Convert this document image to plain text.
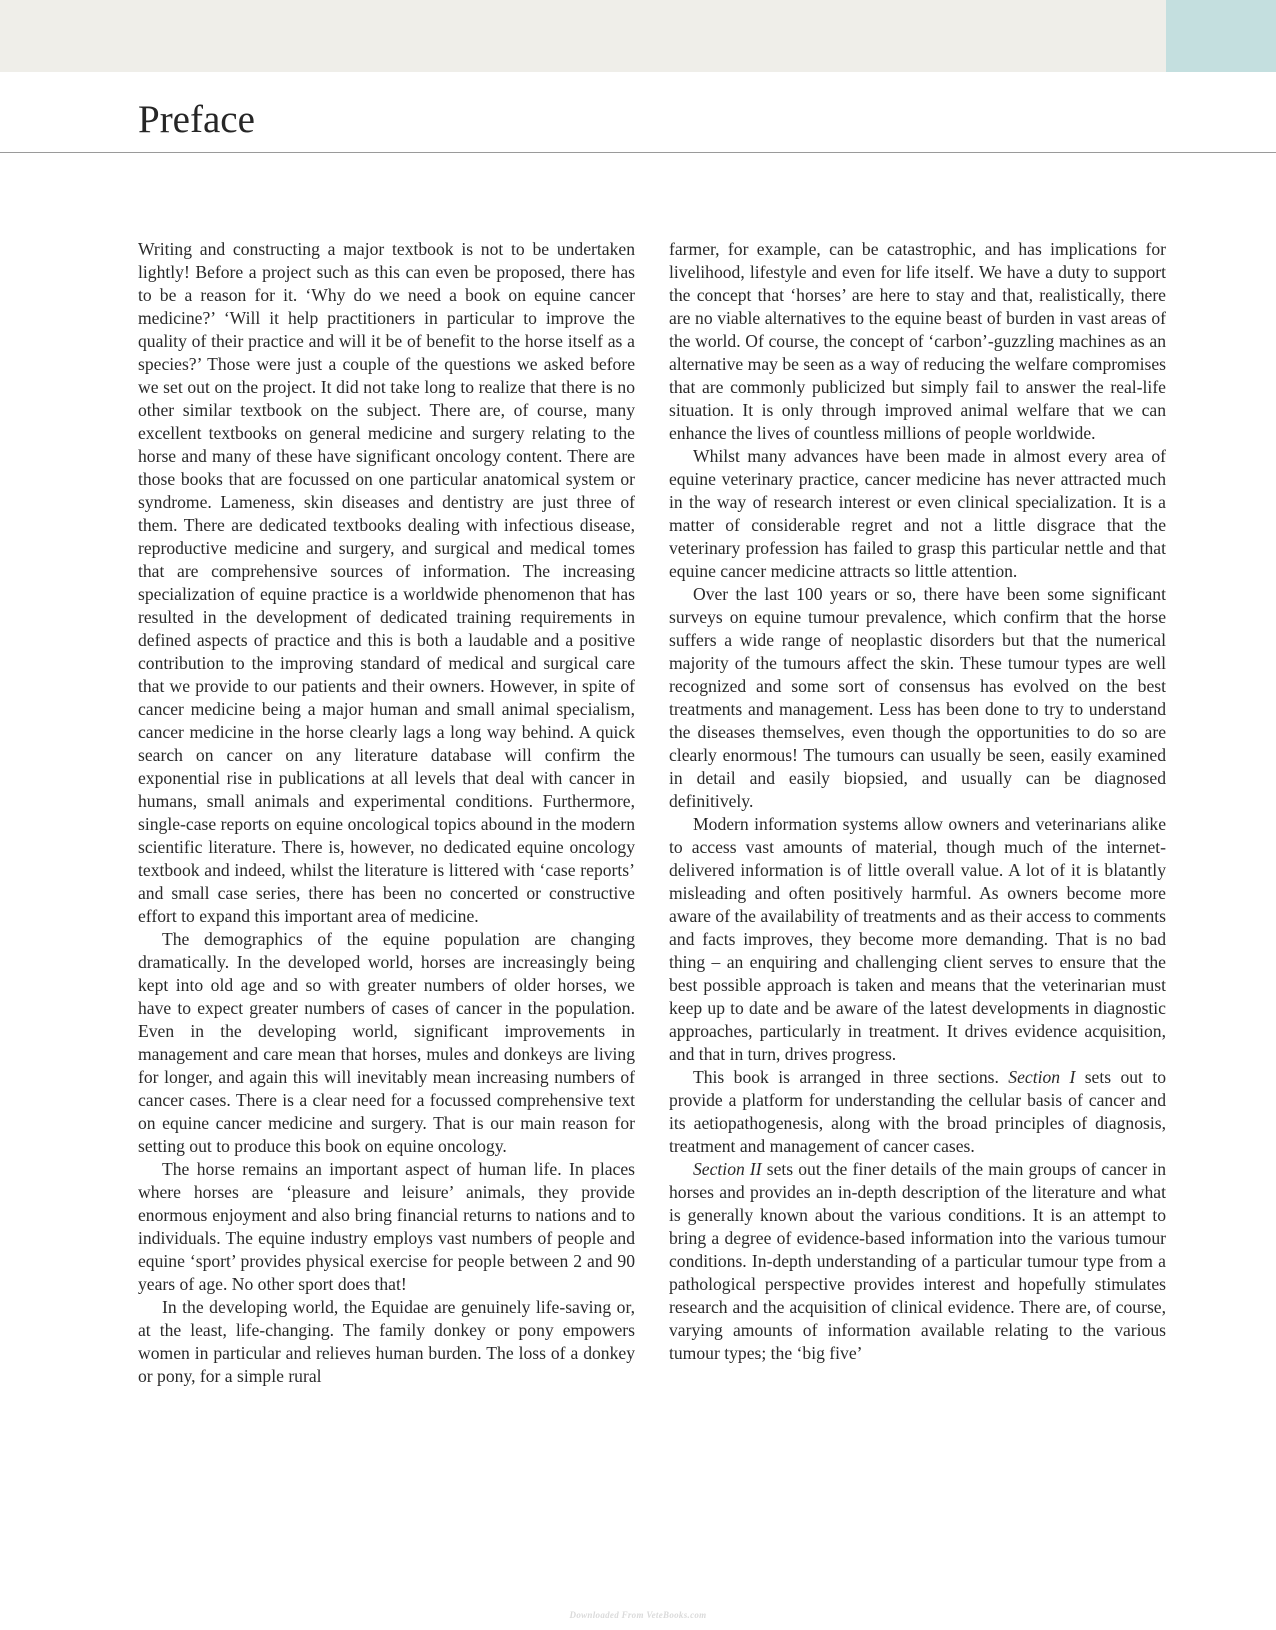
Preface

Writing and constructing a major textbook is not to be undertaken lightly! Before a project such as this can even be proposed, there has to be a reason for it. ‘Why do we need a book on equine cancer medicine?’ ‘Will it help practitioners in particular to improve the quality of their practice and will it be of benefit to the horse itself as a species?’ Those were just a couple of the questions we asked before we set out on the project. It did not take long to realize that there is no other similar textbook on the subject. There are, of course, many excellent textbooks on general medicine and surgery relating to the horse and many of these have significant oncology content. There are those books that are focussed on one particular anatomical system or syndrome. Lameness, skin diseases and dentistry are just three of them. There are dedicated textbooks dealing with infectious disease, reproductive medicine and surgery, and surgical and medical tomes that are comprehensive sources of information. The increasing specialization of equine practice is a worldwide phenomenon that has resulted in the development of dedicated training requirements in defined aspects of practice and this is both a laudable and a positive contribution to the improving standard of medical and surgical care that we provide to our patients and their owners. However, in spite of cancer medicine being a major human and small animal specialism, cancer medicine in the horse clearly lags a long way behind. A quick search on cancer on any literature database will confirm the exponential rise in publications at all levels that deal with cancer in humans, small animals and experimental conditions. Furthermore, single-case reports on equine oncological topics abound in the modern scientific literature. There is, however, no dedicated equine oncology textbook and indeed, whilst the literature is littered with ‘case reports’ and small case series, there has been no concerted or constructive effort to expand this important area of medicine.

The demographics of the equine population are changing dramatically. In the developed world, horses are increasingly being kept into old age and so with greater numbers of older horses, we have to expect greater numbers of cases of cancer in the population. Even in the developing world, significant improvements in management and care mean that horses, mules and donkeys are living for longer, and again this will inevitably mean increasing numbers of cancer cases. There is a clear need for a focussed comprehensive text on equine cancer medicine and surgery. That is our main reason for setting out to produce this book on equine oncology.

The horse remains an important aspect of human life. In places where horses are ‘pleasure and leisure’ animals, they provide enormous enjoyment and also bring financial returns to nations and to individuals. The equine industry employs vast numbers of people and equine ‘sport’ provides physical exercise for people between 2 and 90 years of age. No other sport does that!

In the developing world, the Equidae are genuinely life-saving or, at the least, life-changing. The family donkey or pony empowers women in particular and relieves human burden. The loss of a donkey or pony, for a simple rural

farmer, for example, can be catastrophic, and has implications for livelihood, lifestyle and even for life itself. We have a duty to support the concept that ‘horses’ are here to stay and that, realistically, there are no viable alternatives to the equine beast of burden in vast areas of the world. Of course, the concept of ‘carbon’-guzzling machines as an alternative may be seen as a way of reducing the welfare compromises that are commonly publicized but simply fail to answer the real-life situation. It is only through improved animal welfare that we can enhance the lives of countless millions of people worldwide.

Whilst many advances have been made in almost every area of equine veterinary practice, cancer medicine has never attracted much in the way of research interest or even clinical specialization. It is a matter of considerable regret and not a little disgrace that the veterinary profession has failed to grasp this particular nettle and that equine cancer medicine attracts so little attention.

Over the last 100 years or so, there have been some significant surveys on equine tumour prevalence, which confirm that the horse suffers a wide range of neoplastic disorders but that the numerical majority of the tumours affect the skin. These tumour types are well recognized and some sort of consensus has evolved on the best treatments and management. Less has been done to try to understand the diseases themselves, even though the opportunities to do so are clearly enormous! The tumours can usually be seen, easily examined in detail and easily biopsied, and usually can be diagnosed definitively.

Modern information systems allow owners and veterinarians alike to access vast amounts of material, though much of the internet-delivered information is of little overall value. A lot of it is blatantly misleading and often positively harmful. As owners become more aware of the availability of treatments and as their access to comments and facts improves, they become more demanding. That is no bad thing – an enquiring and challenging client serves to ensure that the best possible approach is taken and means that the veterinarian must keep up to date and be aware of the latest developments in diagnostic approaches, particularly in treatment. It drives evidence acquisition, and that in turn, drives progress.

This book is arranged in three sections. Section I sets out to provide a platform for understanding the cellular basis of cancer and its aetiopathogenesis, along with the broad principles of diagnosis, treatment and management of cancer cases.

Section II sets out the finer details of the main groups of cancer in horses and provides an in-depth description of the literature and what is generally known about the various conditions. It is an attempt to bring a degree of evidence-based information into the various tumour conditions. In-depth understanding of a particular tumour type from a pathological perspective provides interest and hopefully stimulates research and the acquisition of clinical evidence. There are, of course, varying amounts of information available relating to the various tumour types; the ‘big five’

Downloaded From VeteBooks.com
